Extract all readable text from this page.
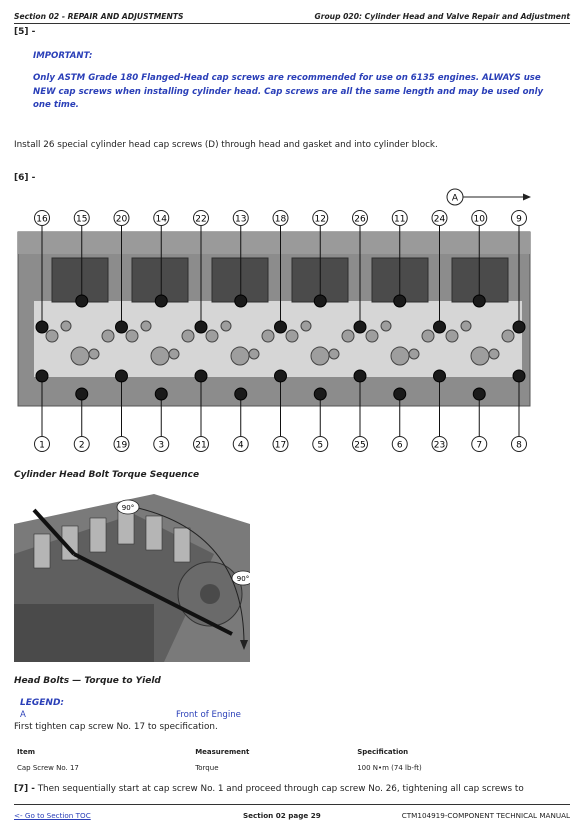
Section 02 - REPAIR AND ADJUSTMENTS	Group 020: Cylinder Head and Valve Repair and Adjustment
[5] -
IMPORTANT:
Only ASTM Grade 180 Flanged-Head cap screws are recommended for use on 6135 engines. ALWAYS use NEW cap screws when installing cylinder head. Cap screws are all the same length and may be used only one time.
Install 26 special cylinder head cap screws (D) through head and gasket and into cylinder block.
[6] -
A
16	15	20	14	22	13	18	12	26	11	24	10	9
1	2	19	3	21	4	17	5	25	6	23	7	8
Cylinder Head Bolt Torque Sequence
90°
90°
Head Bolts — Torque to Yield
LEGEND:
A	Front of Engine
First tighten cap screw No. 17 to specification.
Item	Measurement	Specification
Cap Screw No. 17	Torque	100 N•m (74 lb-ft)
[7] - Then sequentially start at cap screw No. 1 and proceed through cap screw No. 26, tightening all cap screws to
<- Go to Section TOC	Section 02 page 29	CTM104919-COMPONENT TECHNICAL MANUAL
